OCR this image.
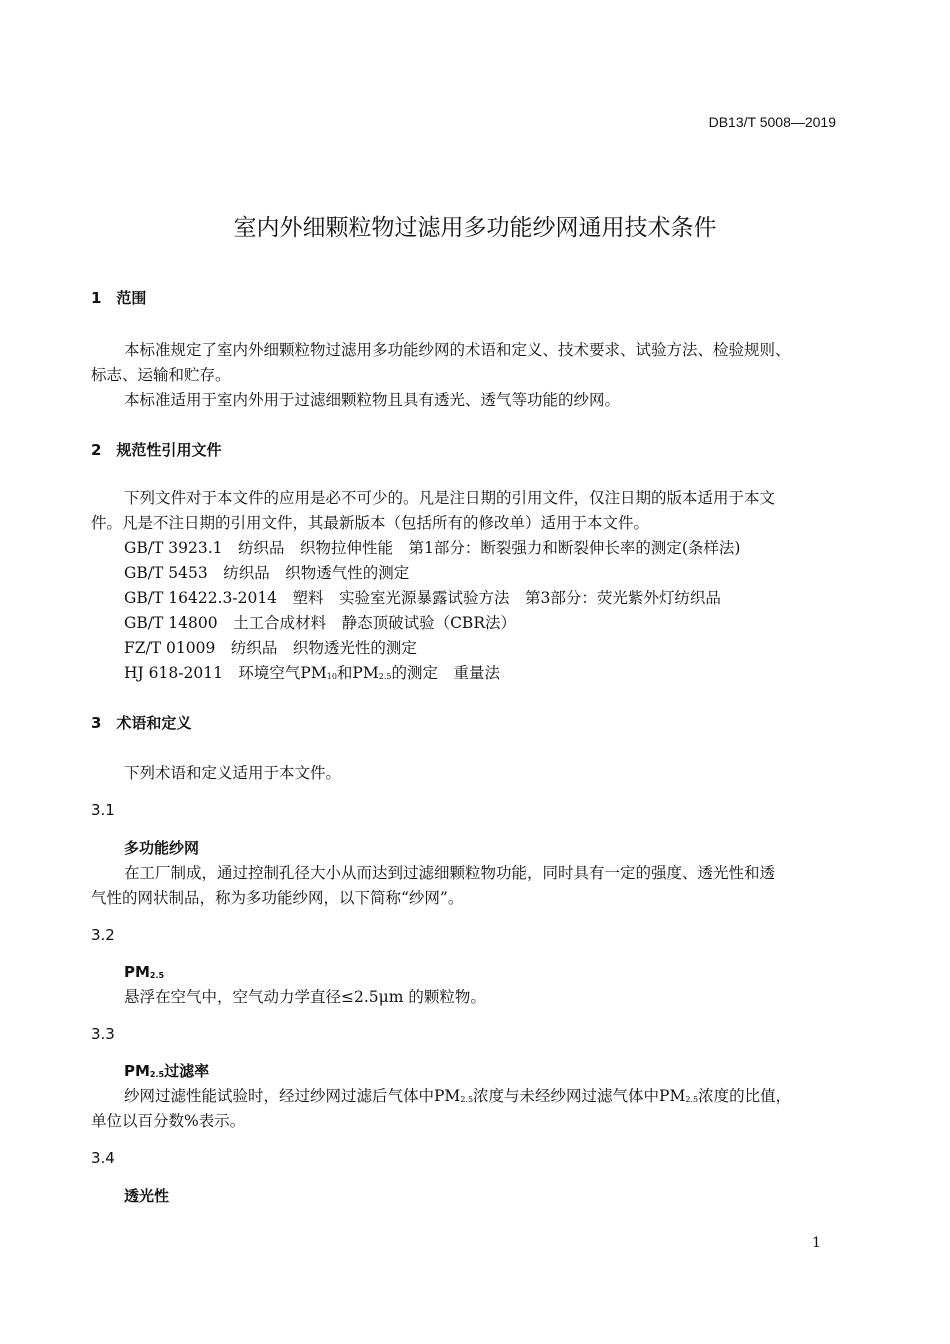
DB13/T 5008—2019
室内外细颗粒物过滤用多功能纱网通用技术条件
1　范围
本标准规定了室内外细颗粒物过滤用多功能纱网的术语和定义、技术要求、试验方法、检验规则、
标志、运输和贮存。
本标准适用于室内外用于过滤细颗粒物且具有透光、透气等功能的纱网。
2　规范性引用文件
下列文件对于本文件的应用是必不可少的。凡是注日期的引用文件，仅注日期的版本适用于本文
件。凡是不注日期的引用文件，其最新版本（包括所有的修改单）适用于本文件。
GB/T 3923.1　纺织品　织物拉伸性能　第1部分：断裂强力和断裂伸长率的测定(条样法)
GB/T 5453　纺织品　织物透气性的测定
GB/T 16422.3-2014　塑料　实验室光源暴露试验方法　第3部分：荧光紫外灯纺织品
GB/T 14800　土工合成材料　静态顶破试验（CBR法）
FZ/T 01009　纺织品　织物透光性的测定
HJ 618-2011　环境空气$PM_{10}$和$PM_{2.5}$的测定　重量法
3　术语和定义
下列术语和定义适用于本文件。
3.1
多功能纱网
在工厂制成，通过控制孔径大小从而达到过滤细颗粒物功能，同时具有一定的强度、透光性和透
气性的网状制品，称为多功能纱网，以下简称“纱网”。
3.2
$PM_{2.5}$
悬浮在空气中，空气动力学直径≤2.5μm 的颗粒物。
3.3
$PM_{2.5}$过滤率
纱网过滤性能试验时，经过纱网过滤后气体中$PM_{2.5}$浓度与未经纱网过滤气体中$PM_{2.5}$浓度的比值，
单位以百分数%表示。
3.4
透光性
1
